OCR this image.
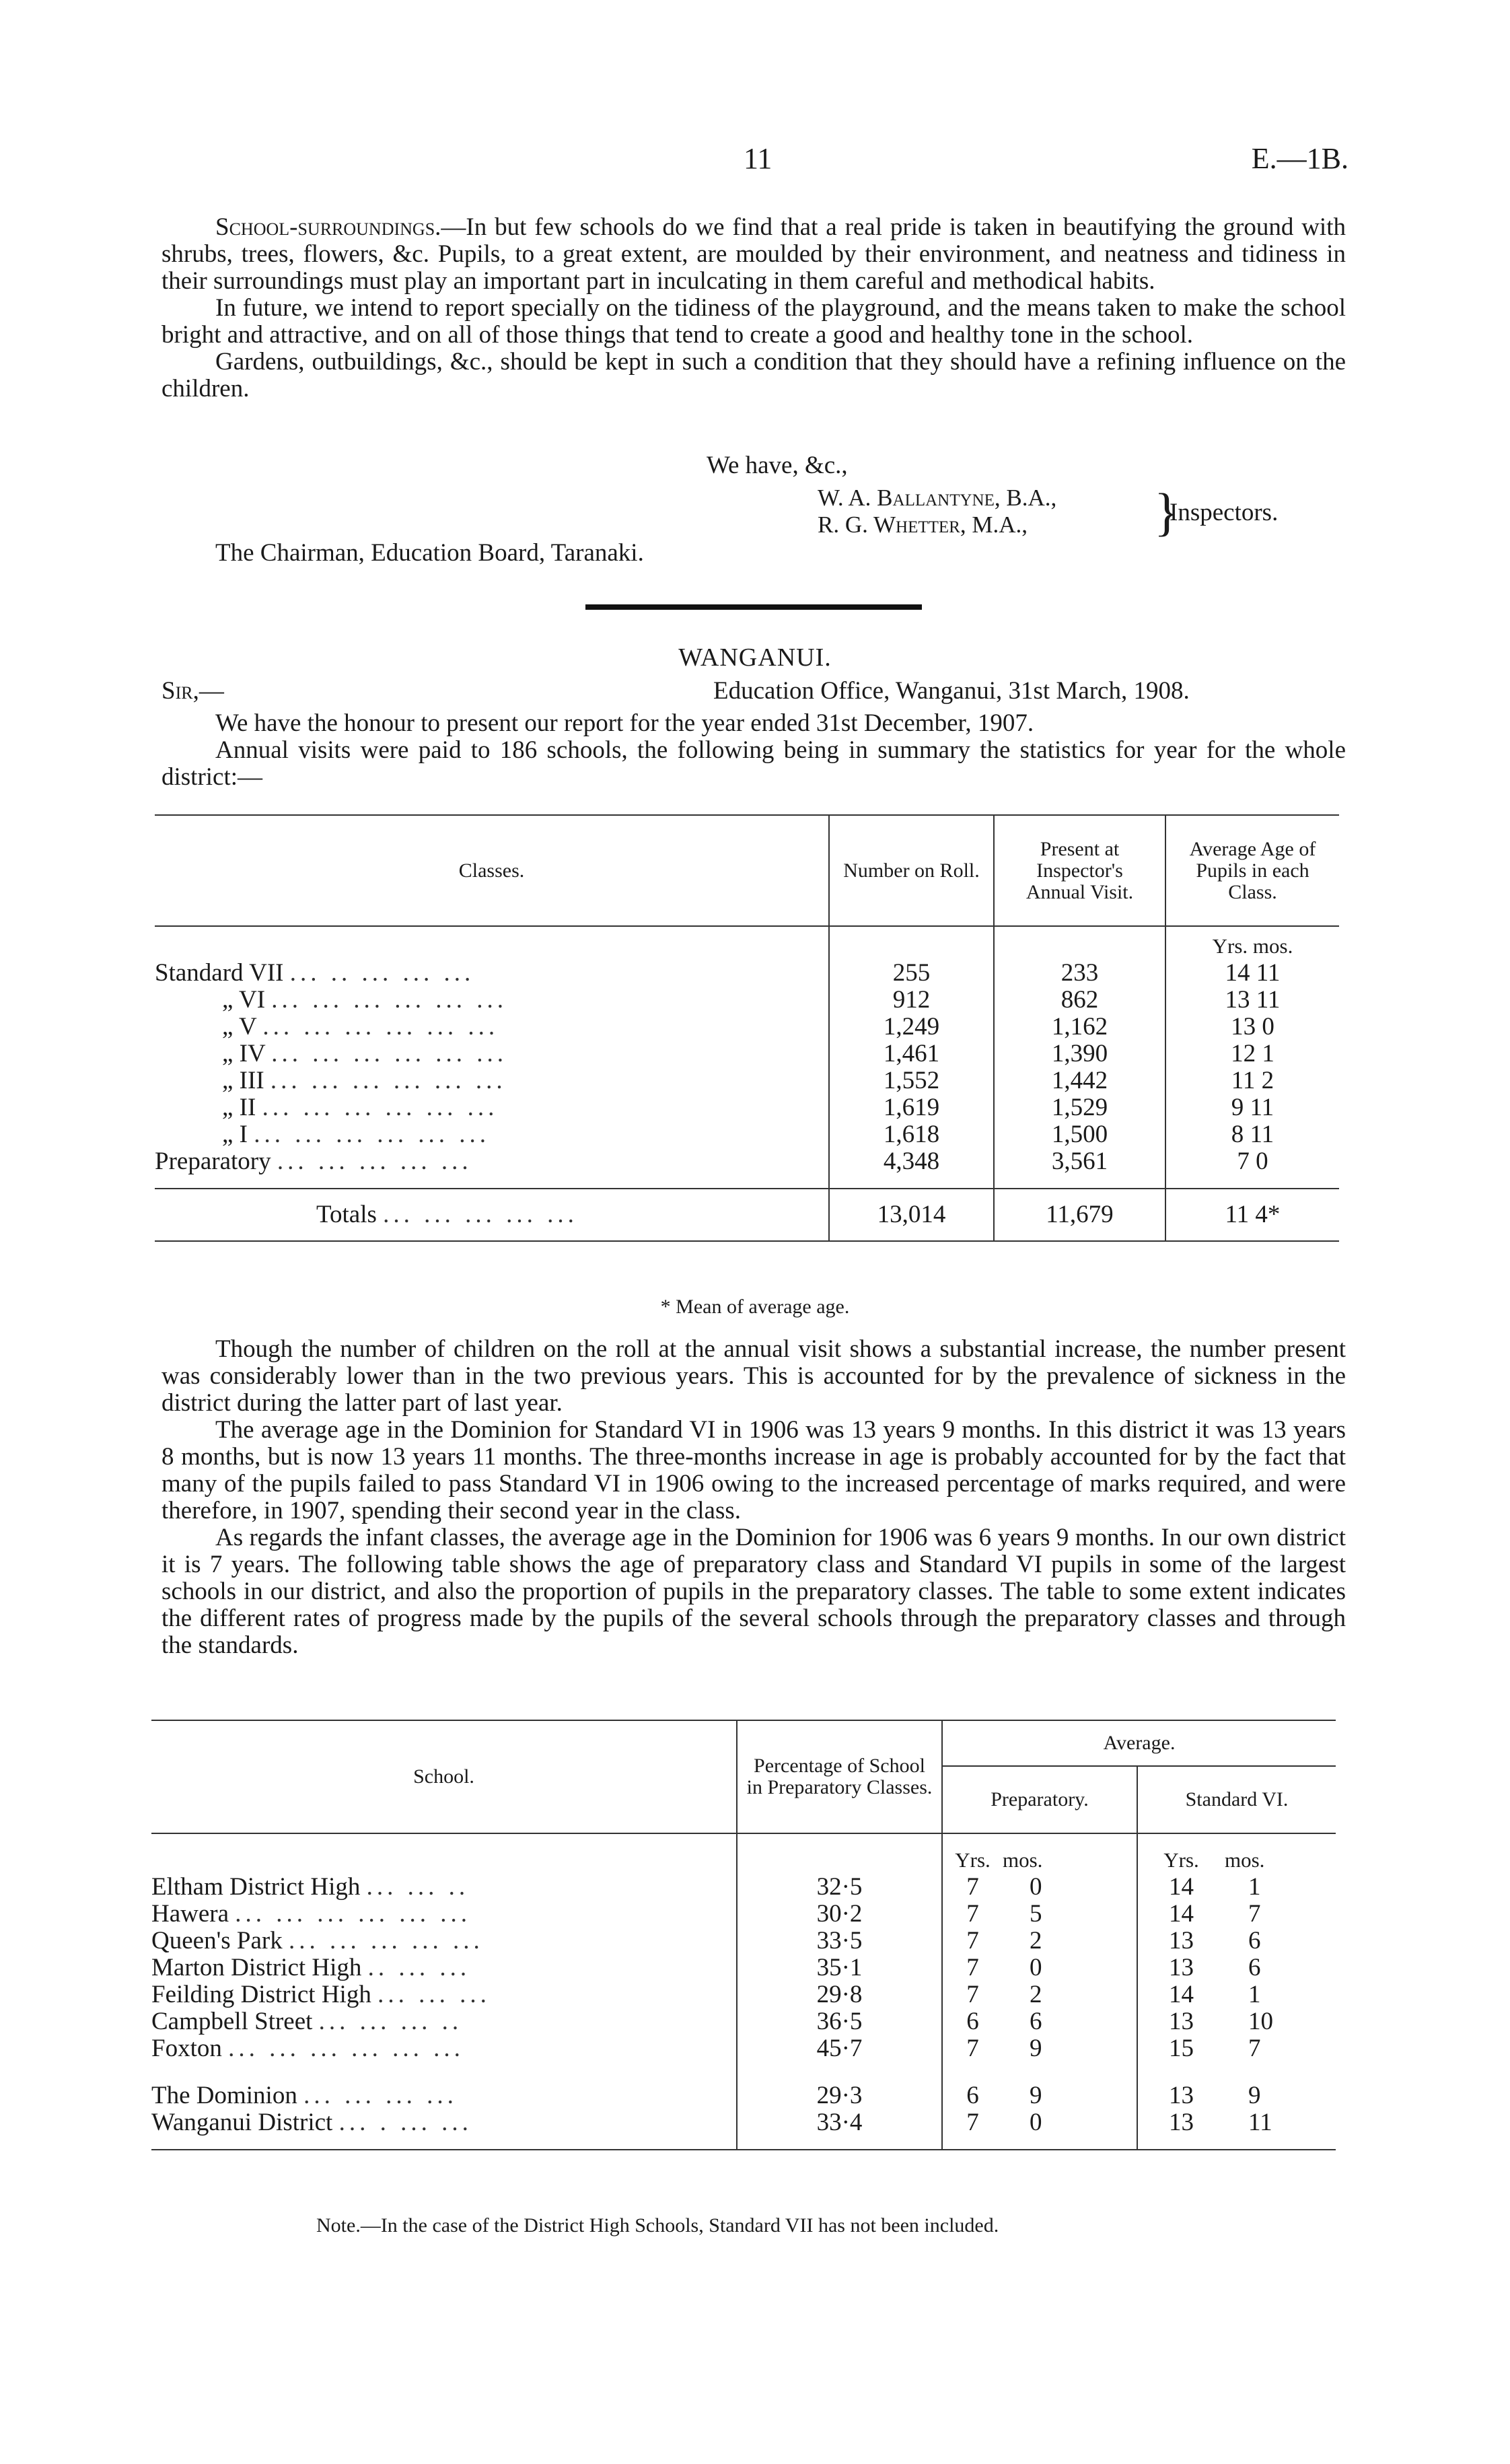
11	E.—1B.

School-surroundings.—In but few schools do we find that a real pride is taken in beautifying the ground with shrubs, trees, flowers, &c. Pupils, to a great extent, are moulded by their environment, and neatness and tidiness in their surroundings must play an important part in inculcating in them careful and methodical habits.

In future, we intend to report specially on the tidiness of the playground, and the means taken to make the school bright and attractive, and on all of those things that tend to create a good and healthy tone in the school.

Gardens, outbuildings, &c., should be kept in such a condition that they should have a refining influence on the children.

We have, &c.,
W. A. Ballantyne, B.A.,
R. G. Whetter, M.A.,	}
Inspectors.
The Chairman, Education Board, Taranaki.
WANGANUI.
Sir,—	Education Office, Wanganui, 31st March, 1908.

We have the honour to present our report for the year ended 31st December, 1907.

Annual visits were paid to 186 schools, the following being in summary the statistics for year for the whole district:—

Classes.	Number on Roll.	Present at Inspector's Annual Visit.	Average Age of Pupils in each Class.
			Yrs. mos.
Standard VII ... .. ... ... ...	255	233	14 11
„ VI ... ... ... ... ... ...	912	862	13 11
„ V ... ... ... ... ... ...	1,249	1,162	13 0
„ IV ... ... ... ... ... ...	1,461	1,390	12 1
„ III ... ... ... ... ... ...	1,552	1,442	11 2
„ II ... ... ... ... ... ...	1,619	1,529	9 11
„ I ... ... ... ... ... ...	1,618	1,500	8 11
Preparatory ... ... ... ... ...	4,348	3,561	7 0
Totals ... ... ... ... ...	13,014	11,679	11 4*
* Mean of average age.

Though the number of children on the roll at the annual visit shows a substantial increase, the number present was considerably lower than in the two previous years. This is accounted for by the prevalence of sickness in the district during the latter part of last year.

The average age in the Dominion for Standard VI in 1906 was 13 years 9 months. In this district it was 13 years 8 months, but is now 13 years 11 months. The three-months increase in age is probably accounted for by the fact that many of the pupils failed to pass Standard VI in 1906 owing to the increased percentage of marks required, and were therefore, in 1907, spending their second year in the class.

As regards the infant classes, the average age in the Dominion for 1906 was 6 years 9 months. In our own district it is 7 years. The following table shows the age of preparatory class and Standard VI pupils in some of the largest schools in our district, and also the proportion of pupils in the preparatory classes. The table to some extent indicates the different rates of progress made by the pupils of the several schools through the preparatory classes and through the standards.

School.	Percentage of School in Preparatory Classes.	Average.			
		Preparatory.		Standard VI.	
		Yrs.	mos.	Yrs.	mos.
Eltham District High ... ... ..	32·5	7	0	14	1
Hawera ... ... ... ... ... ...	30·2	7	5	14	7
Queen's Park ... ... ... ... ...	33·5	7	2	13	6
Marton District High .. ... ...	35·1	7	0	13	6
Feilding District High ... ... ...	29·8	7	2	14	1
Campbell Street ... ... ... ..	36·5	6	6	13	10
Foxton ... ... ... ... ... ...	45·7	7	9	15	7
The Dominion ... ... ... ...	29·3	6	9	13	9
Wanganui District ... . ... ...	33·4	7	0	13	11
Note.—In the case of the District High Schools, Standard VII has not been included.
